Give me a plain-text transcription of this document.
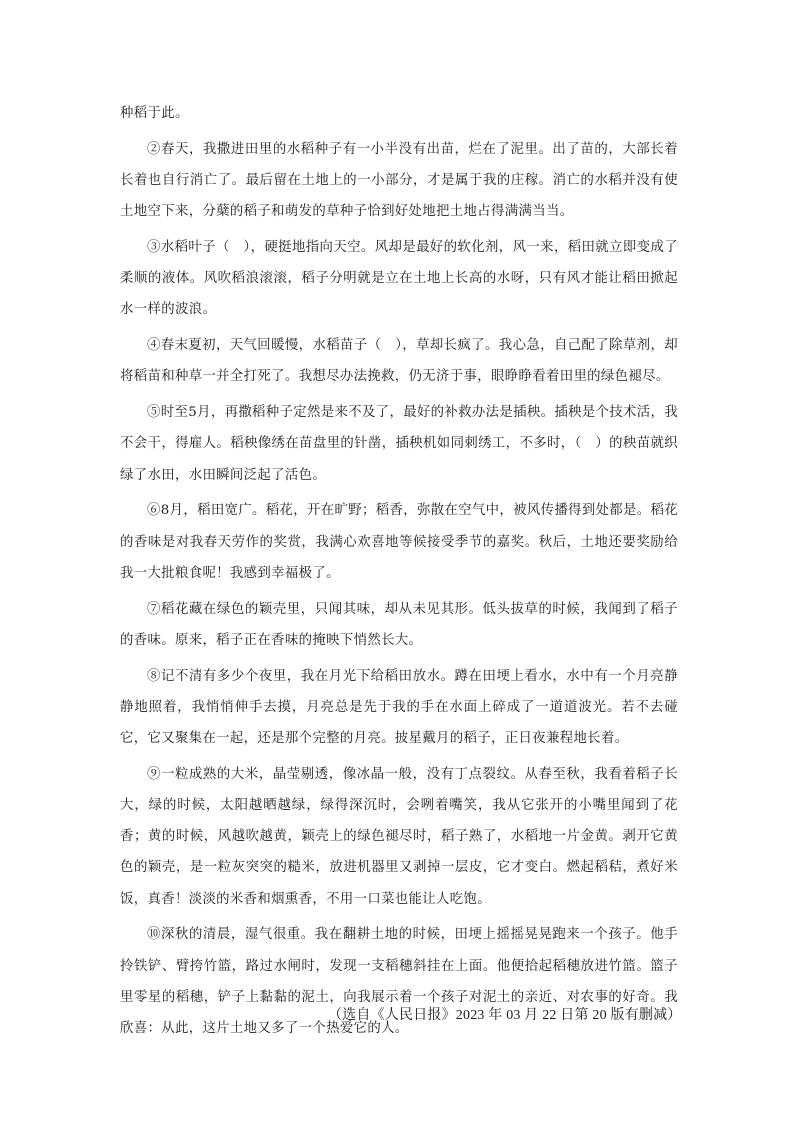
种稻于此。

②春天，我撒进田里的水稻种子有一小半没有出苗，烂在了泥里。出了苗的，大部长着长着也自行消亡了。最后留在土地上的一小部分，才是属于我的庄稼。消亡的水稻并没有使土地空下来，分蘖的稻子和萌发的草种子恰到好处地把土地占得满满当当。

③水稻叶子（　），硬挺地指向天空。风却是最好的软化剂，风一来，稻田就立即变成了柔顺的液体。风吹稻浪滚滚，稻子分明就是立在土地上长高的水呀，只有风才能让稻田掀起水一样的波浪。

④春末夏初，天气回暖慢，水稻苗子（　），草却长疯了。我心急，自己配了除草剂，却将稻苗和种草一并全打死了。我想尽办法挽救，仍无济于事，眼睁睁看着田里的绿色褪尽。

⑤时至5月，再撒稻种子定然是来不及了，最好的补救办法是插秧。插秧是个技术活，我不会干，得雇人。稻秧像绣在苗盘里的针凿，插秧机如同刺绣工，不多时，（　）的秧苗就织绿了水田，水田瞬间泛起了活色。

⑥8月，稻田宽广。稻花，开在旷野；稻香，弥散在空气中，被风传播得到处都是。稻花的香味是对我春天劳作的奖赏，我满心欢喜地等候接受季节的嘉奖。秋后，土地还要奖励给我一大批粮食呢！我感到幸福极了。

⑦稻花藏在绿色的颖壳里，只闻其味，却从未见其形。低头拔草的时候，我闻到了稻子的香味。原来，稻子正在香味的掩映下悄然长大。

⑧记不清有多少个夜里，我在月光下给稻田放水。蹲在田埂上看水，水中有一个月亮静静地照着，我悄悄伸手去摸，月亮总是先于我的手在水面上碎成了一道道波光。若不去碰它，它又聚集在一起，还是那个完整的月亮。披星戴月的稻子，正日夜兼程地长着。

⑨一粒成熟的大米，晶莹剔透，像冰晶一般，没有丁点裂纹。从春至秋，我看着稻子长大，绿的时候，太阳越晒越绿，绿得深沉时，会咧着嘴笑，我从它张开的小嘴里闻到了花香；黄的时候，风越吹越黄，颖壳上的绿色褪尽时，稻子熟了，水稻地一片金黄。剥开它黄色的颖壳，是一粒灰突突的糙米，放进机器里又剥掉一层皮，它才变白。燃起稻秸，煮好米饭，真香！淡淡的米香和烟熏香，不用一口菜也能让人吃饱。

⑩深秋的清晨，湿气很重。我在翻耕土地的时候，田埂上摇摇晃晃跑来一个孩子。他手拎铁铲、臂挎竹篮，路过水闸时，发现一支稻穗斜挂在上面。他便拾起稻穗放进竹篮。篮子里零星的稻穗，铲子上黏黏的泥土，向我展示着一个孩子对泥土的亲近、对农事的好奇。我欣喜：从此，这片土地又多了一个热爱它的人。

（选自《人民日报》2023 年 03 月 22 日第 20 版有删减）
